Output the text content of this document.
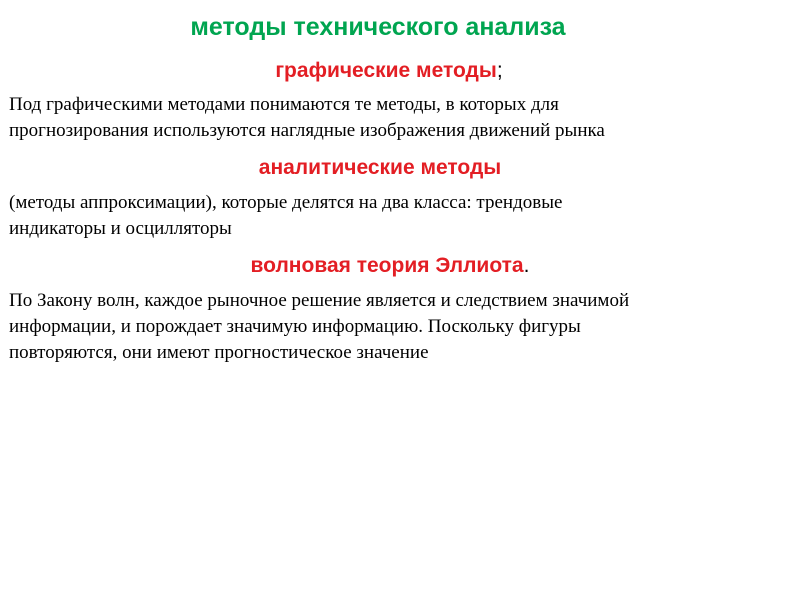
методы технического анализа
графические методы;
Под графическими методами понимаются те методы, в которых для
прогнозирования используются наглядные изображения движений рынка
аналитические методы
(методы аппроксимации), которые делятся на два класса: трендовые
индикаторы и осцилляторы
волновая теория Эллиота.
По Закону волн, каждое рыночное решение является и следствием значимой
информации, и порождает значимую информацию. Поскольку фигуры
повторяются, они имеют прогностическое значение
